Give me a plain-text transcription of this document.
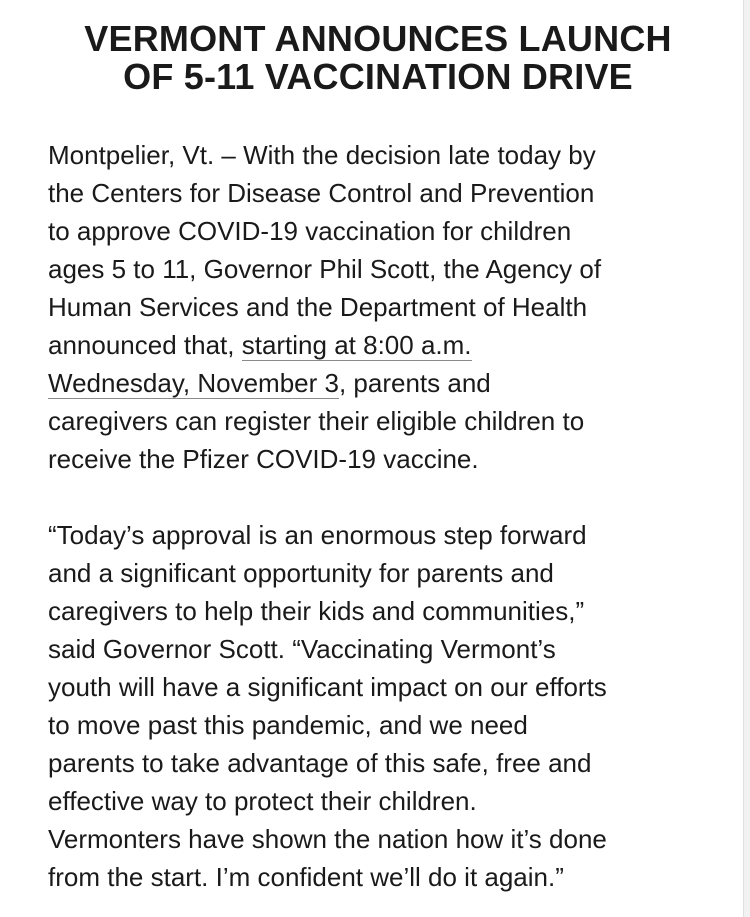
VERMONT ANNOUNCES LAUNCH
OF 5-11 VACCINATION DRIVE

Montpelier, Vt. – With the decision late today by
the Centers for Disease Control and Prevention
to approve COVID-19 vaccination for children
ages 5 to 11, Governor Phil Scott, the Agency of
Human Services and the Department of Health
announced that, starting at 8:00 a.m.
Wednesday, November 3, parents and
caregivers can register their eligible children to
receive the Pfizer COVID-19 vaccine.

“Today’s approval is an enormous step forward
and a significant opportunity for parents and
caregivers to help their kids and communities,”
said Governor Scott. “Vaccinating Vermont’s
youth will have a significant impact on our efforts
to move past this pandemic, and we need
parents to take advantage of this safe, free and
effective way to protect their children.
Vermonters have shown the nation how it’s done
from the start. I’m confident we’ll do it again.”
